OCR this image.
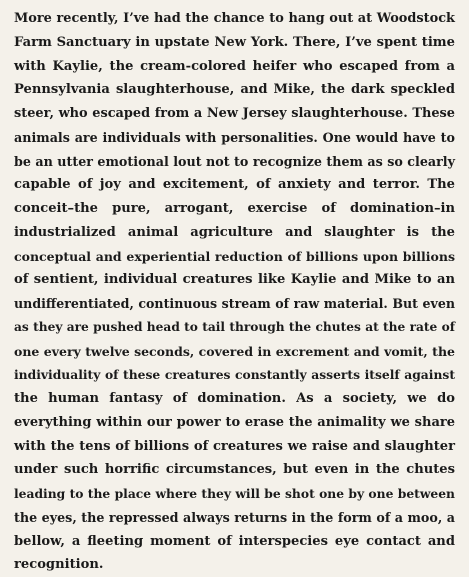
More recently, I’ve had the chance to hang out at Woodstock
Farm Sanctuary in upstate New York. There, I’ve spent time
with Kaylie, the cream-colored heifer who escaped from a
Pennsylvania slaughterhouse, and Mike, the dark speckled
steer, who escaped from a New Jersey slaughterhouse. These
animals are individuals with personalities. One would have to
be an utter emotional lout not to recognize them as so clearly
capable of joy and excitement, of anxiety and terror. The
conceit–the pure, arrogant, exercise of domination–in
industrialized animal agriculture and slaughter is the
conceptual and experiential reduction of billions upon billions
of sentient, individual creatures like Kaylie and Mike to an
undifferentiated, continuous stream of raw material. But even
as they are pushed head to tail through the chutes at the rate of
one every twelve seconds, covered in excrement and vomit, the
individuality of these creatures constantly asserts itself against
the human fantasy of domination. As a society, we do
everything within our power to erase the animality we share
with the tens of billions of creatures we raise and slaughter
under such horrific circumstances, but even in the chutes
leading to the place where they will be shot one by one between
the eyes, the repressed always returns in the form of a moo, a
bellow, a fleeting moment of interspecies eye contact and
recognition.
